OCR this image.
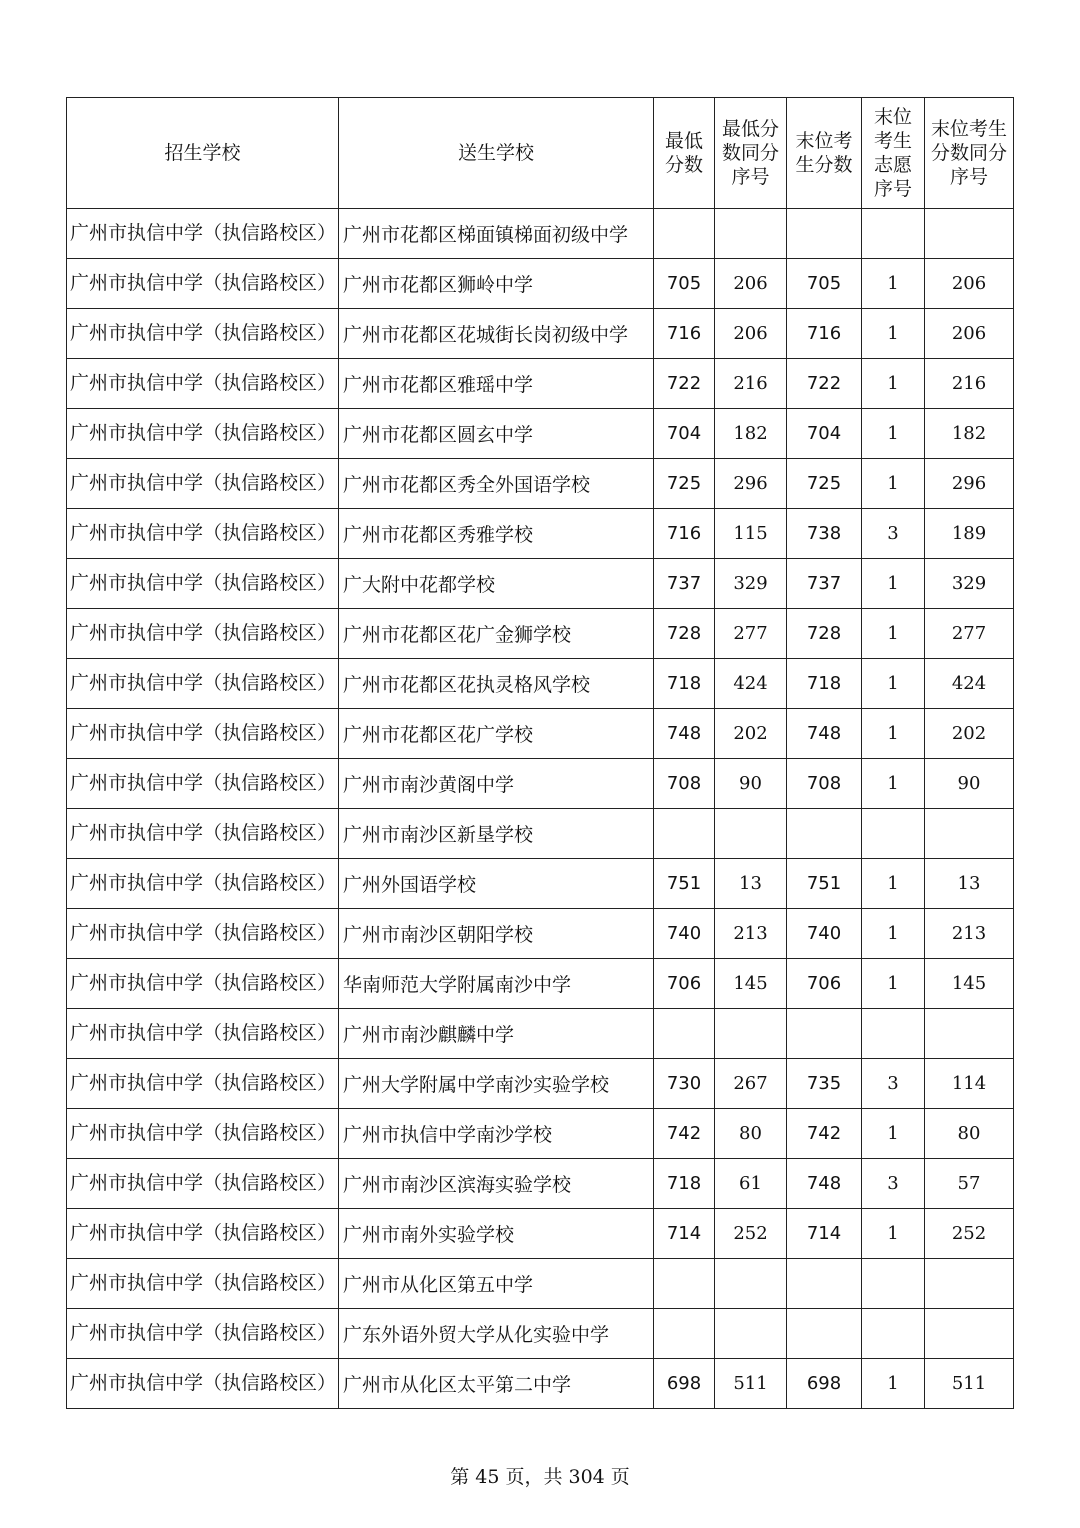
招生学校	送生学校	最低分数	最低分数同分序号	末位考生分数	末位考生志愿序号	末位考生分数同分序号
广州市执信中学（执信路校区）	广州市花都区梯面镇梯面初级中学					
广州市执信中学（执信路校区）	广州市花都区狮岭中学	705	206	705	1	206
广州市执信中学（执信路校区）	广州市花都区花城街长岗初级中学	716	206	716	1	206
广州市执信中学（执信路校区）	广州市花都区雅瑶中学	722	216	722	1	216
广州市执信中学（执信路校区）	广州市花都区圆玄中学	704	182	704	1	182
广州市执信中学（执信路校区）	广州市花都区秀全外国语学校	725	296	725	1	296
广州市执信中学（执信路校区）	广州市花都区秀雅学校	716	115	738	3	189
广州市执信中学（执信路校区）	广大附中花都学校	737	329	737	1	329
广州市执信中学（执信路校区）	广州市花都区花广金狮学校	728	277	728	1	277
广州市执信中学（执信路校区）	广州市花都区花执灵格风学校	718	424	718	1	424
广州市执信中学（执信路校区）	广州市花都区花广学校	748	202	748	1	202
广州市执信中学（执信路校区）	广州市南沙黄阁中学	708	90	708	1	90
广州市执信中学（执信路校区）	广州市南沙区新垦学校					
广州市执信中学（执信路校区）	广州外国语学校	751	13	751	1	13
广州市执信中学（执信路校区）	广州市南沙区朝阳学校	740	213	740	1	213
广州市执信中学（执信路校区）	华南师范大学附属南沙中学	706	145	706	1	145
广州市执信中学（执信路校区）	广州市南沙麒麟中学					
广州市执信中学（执信路校区）	广州大学附属中学南沙实验学校	730	267	735	3	114
广州市执信中学（执信路校区）	广州市执信中学南沙学校	742	80	742	1	80
广州市执信中学（执信路校区）	广州市南沙区滨海实验学校	718	61	748	3	57
广州市执信中学（执信路校区）	广州市南外实验学校	714	252	714	1	252
广州市执信中学（执信路校区）	广州市从化区第五中学					
广州市执信中学（执信路校区）	广东外语外贸大学从化实验中学					
广州市执信中学（执信路校区）	广州市从化区太平第二中学	698	511	698	1	511
第 45 页，共 304 页
